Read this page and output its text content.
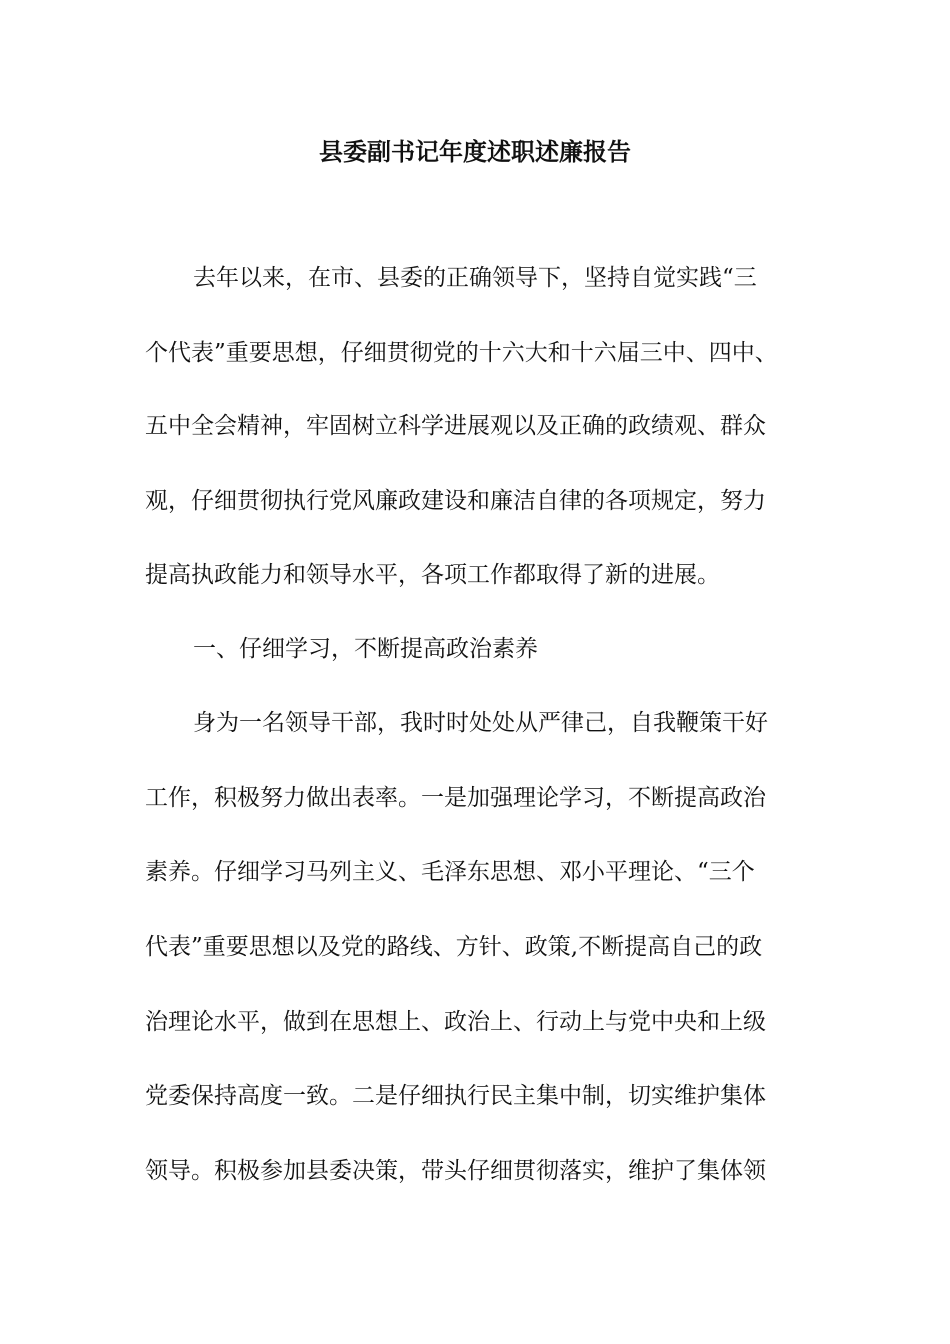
县委副书记年度述职述廉报告

去年以来，在市、县委的正确领导下，坚持自觉实践“三

个代表”重要思想，仔细贯彻党的十六大和十六届三中、四中、

五中全会精神，牢固树立科学进展观以及正确的政绩观、群众

观，仔细贯彻执行党风廉政建设和廉洁自律的各项规定，努力

提高执政能力和领导水平，各项工作都取得了新的进展。

一、仔细学习，不断提高政治素养

身为一名领导干部，我时时处处从严律己，自我鞭策干好

工作，积极努力做出表率。一是加强理论学习，不断提高政治

素养。仔细学习马列主义、毛泽东思想、邓小平理论、“三个

代表”重要思想以及党的路线、方针、政策,不断提高自己的政

治理论水平，做到在思想上、政治上、行动上与党中央和上级

党委保持高度一致。二是仔细执行民主集中制，切实维护集体

领导。积极参加县委决策，带头仔细贯彻落实，维护了集体领
